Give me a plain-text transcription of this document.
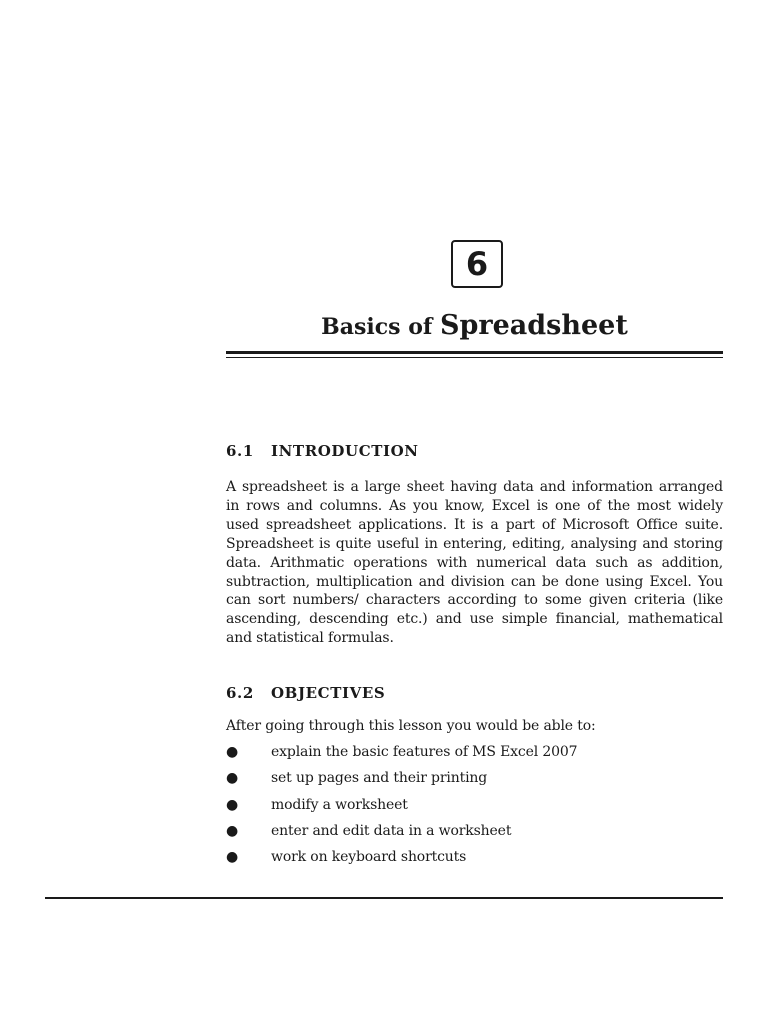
6
Basics of Spreadsheet
6.1 INTRODUCTION
A spreadsheet is a large sheet having data and information arranged in rows and columns. As you know, Excel is one of the most widely used spreadsheet applications. It is a part of Microsoft Office suite. Spreadsheet is quite useful in entering, editing, analysing and storing data. Arithmatic operations with numerical data such as addition, subtraction, multiplication and division can be done using Excel. You can sort numbers/ characters according to some given criteria (like ascending, descending etc.) and use simple financial, mathematical and statistical formulas.
6.2 OBJECTIVES
After going through this lesson you would be able to:
● explain the basic features of MS Excel 2007
● set up pages and their printing
● modify a worksheet
● enter and edit data in a worksheet
● work on keyboard shortcuts
